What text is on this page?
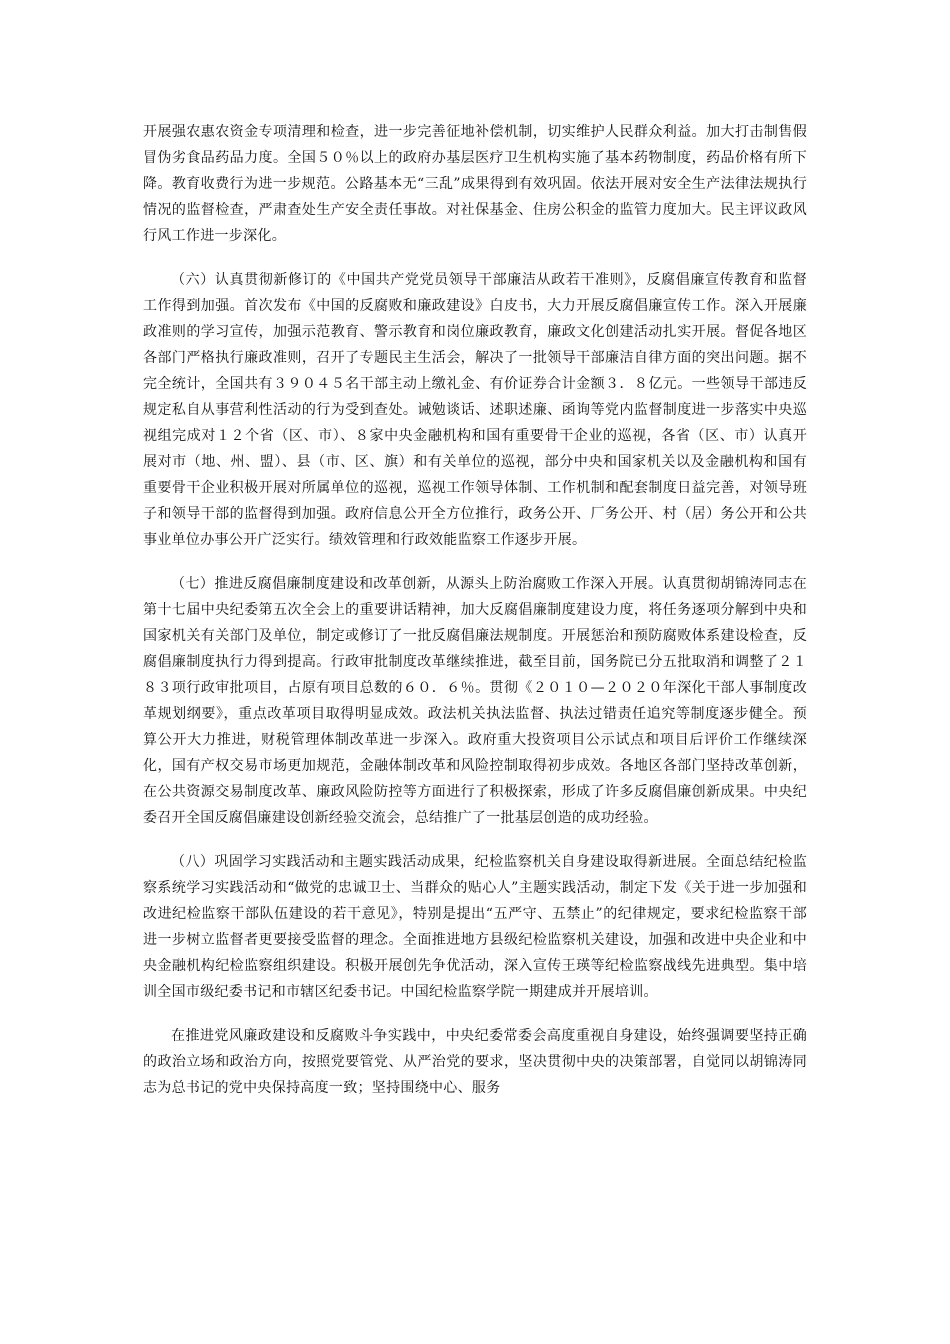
开展强农惠农资金专项清理和检查，进一步完善征地补偿机制，切实维护人民群众利益。加大打击制售假冒伪劣食品药品力度。全国５０％以上的政府办基层医疗卫生机构实施了基本药物制度，药品价格有所下降。教育收费行为进一步规范。公路基本无“三乱”成果得到有效巩固。依法开展对安全生产法律法规执行情况的监督检查，严肃查处生产安全责任事故。对社保基金、住房公积金的监管力度加大。民主评议政风行风工作进一步深化。

（六）认真贯彻新修订的《中国共产党党员领导干部廉洁从政若干准则》，反腐倡廉宣传教育和监督工作得到加强。首次发布《中国的反腐败和廉政建设》白皮书，大力开展反腐倡廉宣传工作。深入开展廉政准则的学习宣传，加强示范教育、警示教育和岗位廉政教育，廉政文化创建活动扎实开展。督促各地区各部门严格执行廉政准则，召开了专题民主生活会，解决了一批领导干部廉洁自律方面的突出问题。据不完全统计，全国共有３９０４５名干部主动上缴礼金、有价证券合计金额３．８亿元。一些领导干部违反规定私自从事营利性活动的行为受到查处。诫勉谈话、述职述廉、函询等党内监督制度进一步落实中央巡视组完成对１２个省（区、市）、８家中央金融机构和国有重要骨干企业的巡视，各省（区、市）认真开展对市（地、州、盟）、县（市、区、旗）和有关单位的巡视，部分中央和国家机关以及金融机构和国有重要骨干企业积极开展对所属单位的巡视，巡视工作领导体制、工作机制和配套制度日益完善，对领导班子和领导干部的监督得到加强。政府信息公开全方位推行，政务公开、厂务公开、村（居）务公开和公共事业单位办事公开广泛实行。绩效管理和行政效能监察工作逐步开展。

（七）推进反腐倡廉制度建设和改革创新，从源头上防治腐败工作深入开展。认真贯彻胡锦涛同志在第十七届中央纪委第五次全会上的重要讲话精神，加大反腐倡廉制度建设力度，将任务逐项分解到中央和国家机关有关部门及单位，制定或修订了一批反腐倡廉法规制度。开展惩治和预防腐败体系建设检查，反腐倡廉制度执行力得到提高。行政审批制度改革继续推进，截至目前，国务院已分五批取消和调整了２１８３项行政审批项目，占原有项目总数的６０．６％。贯彻《２０１０—２０２０年深化干部人事制度改革规划纲要》，重点改革项目取得明显成效。政法机关执法监督、执法过错责任追究等制度逐步健全。预算公开大力推进，财税管理体制改革进一步深入。政府重大投资项目公示试点和项目后评价工作继续深化，国有产权交易市场更加规范，金融体制改革和风险控制取得初步成效。各地区各部门坚持改革创新，在公共资源交易制度改革、廉政风险防控等方面进行了积极探索，形成了许多反腐倡廉创新成果。中央纪委召开全国反腐倡廉建设创新经验交流会，总结推广了一批基层创造的成功经验。

（八）巩固学习实践活动和主题实践活动成果，纪检监察机关自身建设取得新进展。全面总结纪检监察系统学习实践活动和“做党的忠诚卫士、当群众的贴心人”主题实践活动，制定下发《关于进一步加强和改进纪检监察干部队伍建设的若干意见》，特别是提出“五严守、五禁止”的纪律规定，要求纪检监察干部进一步树立监督者更要接受监督的理念。全面推进地方县级纪检监察机关建设，加强和改进中央企业和中央金融机构纪检监察组织建设。积极开展创先争优活动，深入宣传王瑛等纪检监察战线先进典型。集中培训全国市级纪委书记和市辖区纪委书记。中国纪检监察学院一期建成并开展培训。

在推进党风廉政建设和反腐败斗争实践中，中央纪委常委会高度重视自身建设，始终强调要坚持正确的政治立场和政治方向，按照党要管党、从严治党的要求，坚决贯彻中央的决策部署，自觉同以胡锦涛同志为总书记的党中央保持高度一致；坚持围绕中心、服务
